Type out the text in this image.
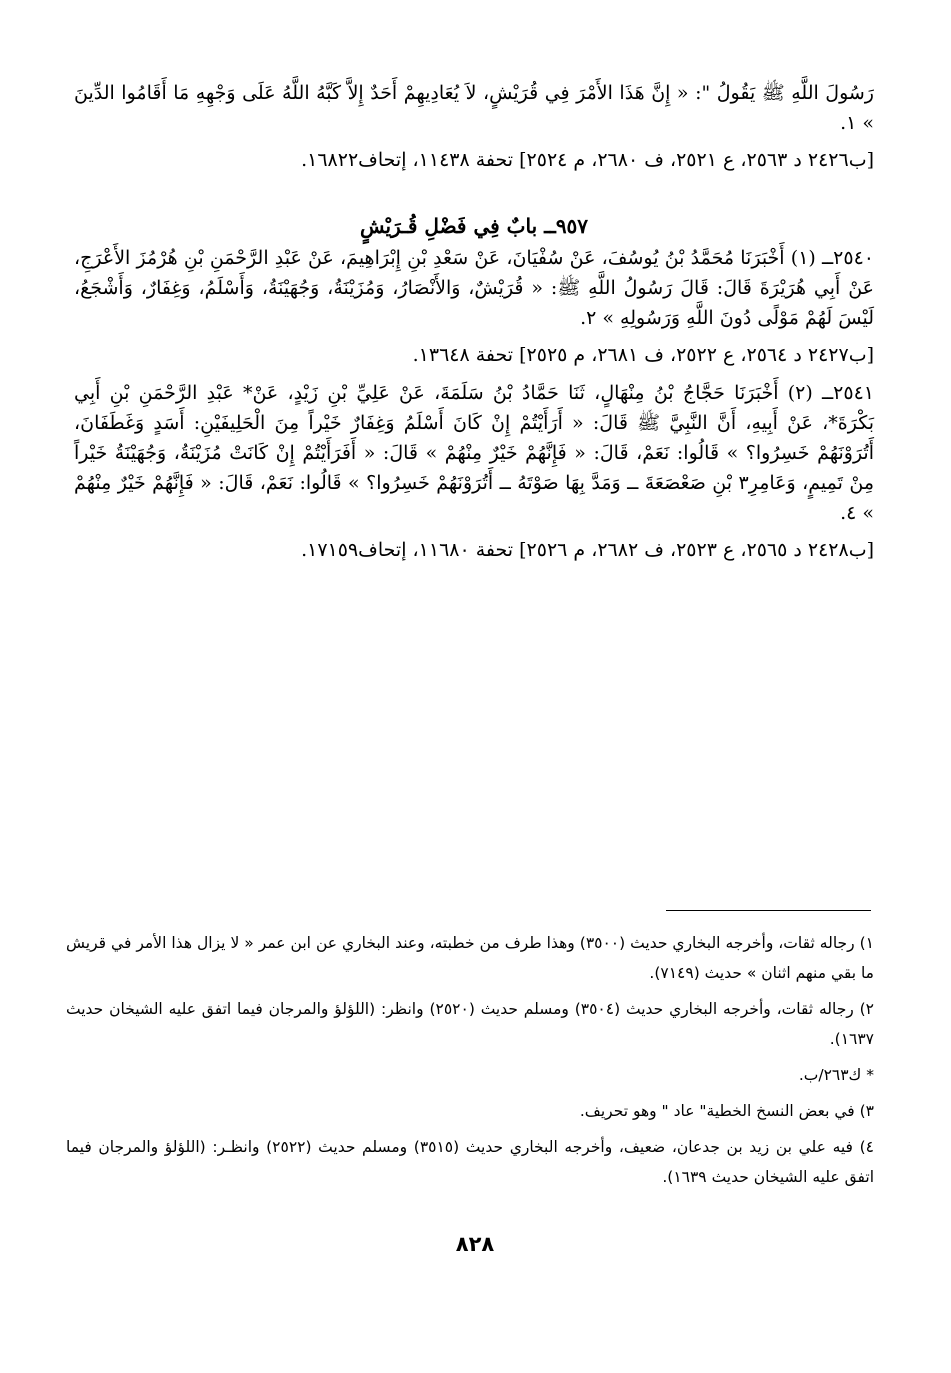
رَسُولَ اللَّهِ ﷺ يَقُولُ ": « إِنَّ هَذَا الأَمْرَ فِي قُرَيْشٍ، لاَ يُعَادِيهِمْ أَحَدٌ إِلاَّ كَبَّهُ اللَّهُ عَلَى وَجْهِهِ مَا أَقَامُوا الدِّينَ » ١.

[ب٢٤٢٦ د ٢٥٦٣، ع ٢٥٢١، ف ٢٦٨٠، م ٢٥٢٤] تحفة ١١٤٣٨، إتحاف١٦٨٢٢.

٩٥٧ــ بابٌ فِي فَضْلِ قُـرَيْشٍ

٢٥٤٠ــ (١) أَخْبَرَنَا مُحَمَّدُ بْنُ يُوسُفَ، عَنْ سُفْيَانَ، عَنْ سَعْدِ بْنِ إِبْرَاهِيمَ، عَنْ عَبْدِ الرَّحْمَنِ بْنِ هُرْمُزَ الأَعْرَجِ، عَنْ أَبِي هُرَيْرَةَ قَالَ: قَالَ رَسُولُ اللَّهِ ﷺ: « قُرَيْشٌ، وَالأَنْصَارُ، وَمُزَيْنَةُ، وَجُهَيْنَةُ، وَأَسْلَمُ، وَغِفَارٌ، وَأَشْجَعُ، لَيْسَ لَهُمْ مَوْلًى دُونَ اللَّهِ وَرَسُولِهِ » ٢.

[ب٢٤٢٧ د ٢٥٦٤، ع ٢٥٢٢، ف ٢٦٨١، م ٢٥٢٥] تحفة ١٣٦٤٨.

٢٥٤١ــ (٢) أَخْبَرَنَا حَجَّاجُ بْنُ مِنْهَالٍ، ثَنَا حَمَّادُ بْنُ سَلَمَةَ، عَنْ عَلِيِّ بْنِ زَيْدٍ، عَنْ* عَبْدِ الرَّحْمَنِ بْنِ أَبِي بَكْرَةَ*، عَنْ أَبِيهِ، أَنَّ النَّبِيَّ ﷺ قَالَ: « أَرَأَيْتُمْ إِنْ كَانَ أَسْلَمُ وَغِفَارٌ خَيْراً مِنَ الْحَلِيفَيْنِ: أَسَدٍ وَغَطَفَانَ، أَتُرَوْنَهُمْ خَسِرُوا؟ » قَالُوا: نَعَمْ، قَالَ: « فَإِنَّهُمْ خَيْرٌ مِنْهُمْ » قَالَ: « أَفَرَأَيْتُمْ إِنْ كَانَتْ مُزَيْنَةُ، وَجُهَيْنَةُ خَيْراً مِنْ تَمِيمٍ، وَعَامِرِ٣ بْنِ صَعْصَعَةَ ــ وَمَدَّ بِهَا صَوْتَهُ ــ أَتُرَوْنَهُمْ خَسِرُوا؟ » قَالُوا: نَعَمْ، قَالَ: « فَإِنَّهُمْ خَيْرٌ مِنْهُمْ » ٤.

[ب٢٤٢٨ د ٢٥٦٥، ع ٢٥٢٣، ف ٢٦٨٢، م ٢٥٢٦] تحفة ١١٦٨٠، إتحاف١٧١٥٩.

١) رجاله ثقات، وأخرجه البخاري حديث (٣٥٠٠) وهذا طرف من خطبته، وعند البخاري عن ابن عمر « لا يزال هذا الأمر في قريش ما بقي منهم اثنان » حديث (٧١٤٩).

٢) رجاله ثقات، وأخرجه البخاري حديث (٣٥٠٤) ومسلم حديث (٢٥٢٠) وانظر: (اللؤلؤ والمرجان فيما اتفق عليه الشيخان حديث ١٦٣٧).

* ك٢٦٣/ب.

٣) في بعض النسخ الخطية" عاد " وهو تحريف.

٤) فيه علي بن زيد بن جدعان، ضعيف، وأخرجه البخاري حديث (٣٥١٥) ومسلم حديث (٢٥٢٢) وانظـر: (اللؤلؤ والمرجان فيما اتفق عليه الشيخان حديث ١٦٣٩).

٨٢٨
